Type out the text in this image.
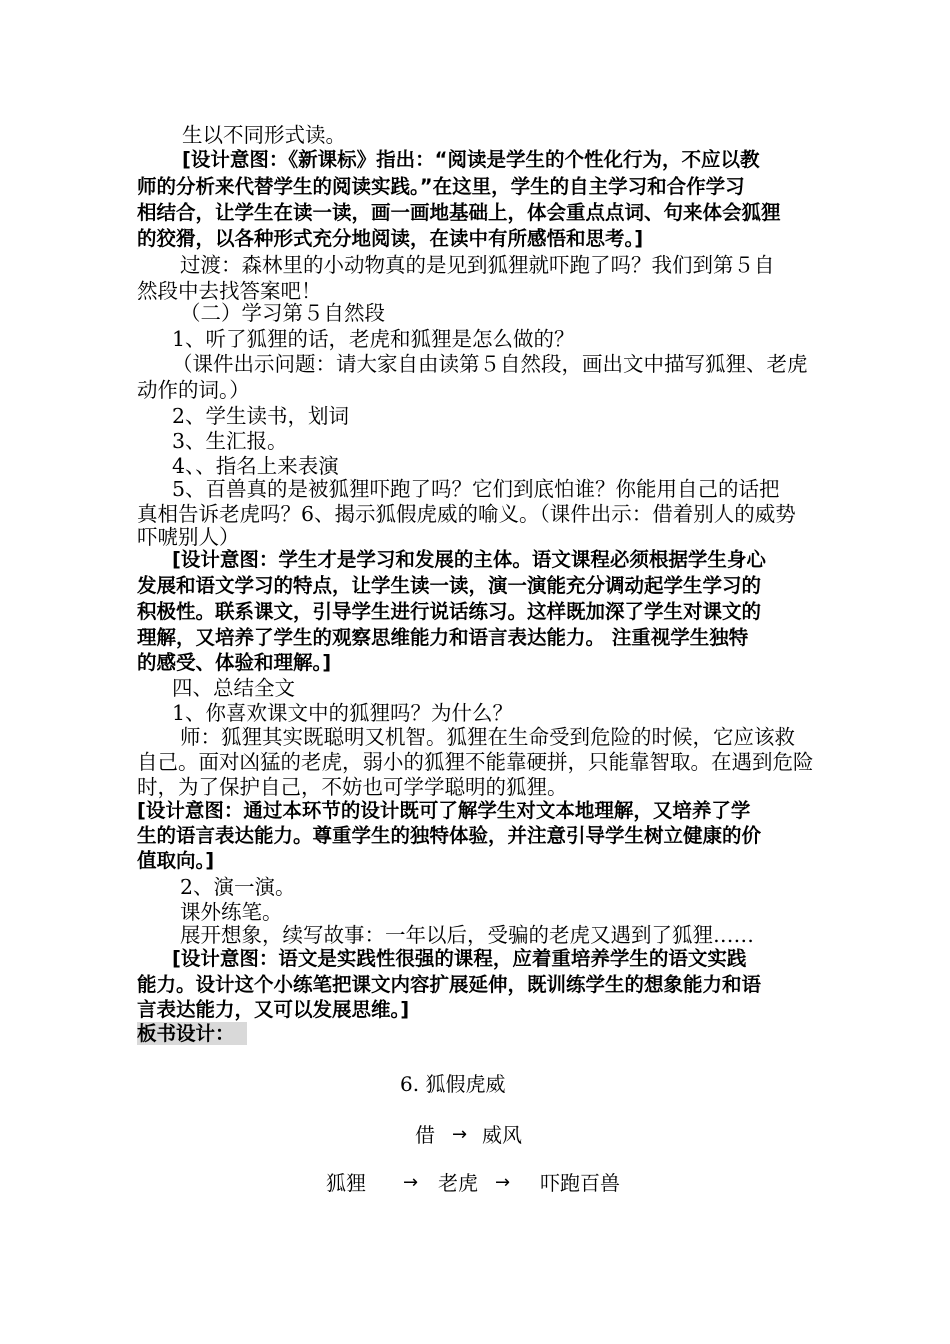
生以不同形式读。
[设计意图：《新课标》指出：“阅读是学生的个性化行为，不应以教
师的分析来代替学生的阅读实践。”在这里，学生的自主学习和合作学习
相结合，让学生在读一读，画一画地基础上，体会重点点词、句来体会狐狸
的狡猾，以各种形式充分地阅读，在读中有所感悟和思考。]
过渡：森林里的小动物真的是见到狐狸就吓跑了吗？我们到第５自
然段中去找答案吧！
（二）学习第５自然段
1、听了狐狸的话，老虎和狐狸是怎么做的？
（课件出示问题：请大家自由读第５自然段，画出文中描写狐狸、老虎
动作的词。）
2、学生读书，划词
3、生汇报。
4、、指名上来表演
5、百兽真的是被狐狸吓跑了吗？它们到底怕谁？你能用自己的话把
真相告诉老虎吗？6、揭示狐假虎威的喻义。（课件出示：借着别人的威势
吓唬别人）
[设计意图：学生才是学习和发展的主体。语文课程必须根据学生身心
发展和语文学习的特点，让学生读一读，演一演能充分调动起学生学习的
积极性。联系课文，引导学生进行说话练习。这样既加深了学生对课文的
理解，又培养了学生的观察思维能力和语言表达能力。 注重视学生独特
的感受、体验和理解。]
四、总结全文
1、你喜欢课文中的狐狸吗？为什么？
师：狐狸其实既聪明又机智。狐狸在生命受到危险的时候，它应该救
自己。面对凶猛的老虎，弱小的狐狸不能靠硬拼，只能靠智取。在遇到危险
时，为了保护自己，不妨也可学学聪明的狐狸。
[设计意图：通过本环节的设计既可了解学生对文本地理解，又培养了学
生的语言表达能力。尊重学生的独特体验，并注意引导学生树立健康的价
值取向。]
2、演一演。
课外练笔。
展开想象，续写故事：一年以后，受骗的老虎又遇到了狐狸……
[设计意图：语文是实践性很强的课程，应着重培养学生的语文实践
能力。设计这个小练笔把课文内容扩展延伸，既训练学生的想象能力和语
言表达能力，又可以发展思维。]
板书设计：
6. 狐假虎威
借 → 威风
狐狸 → 老虎 → 吓跑百兽
